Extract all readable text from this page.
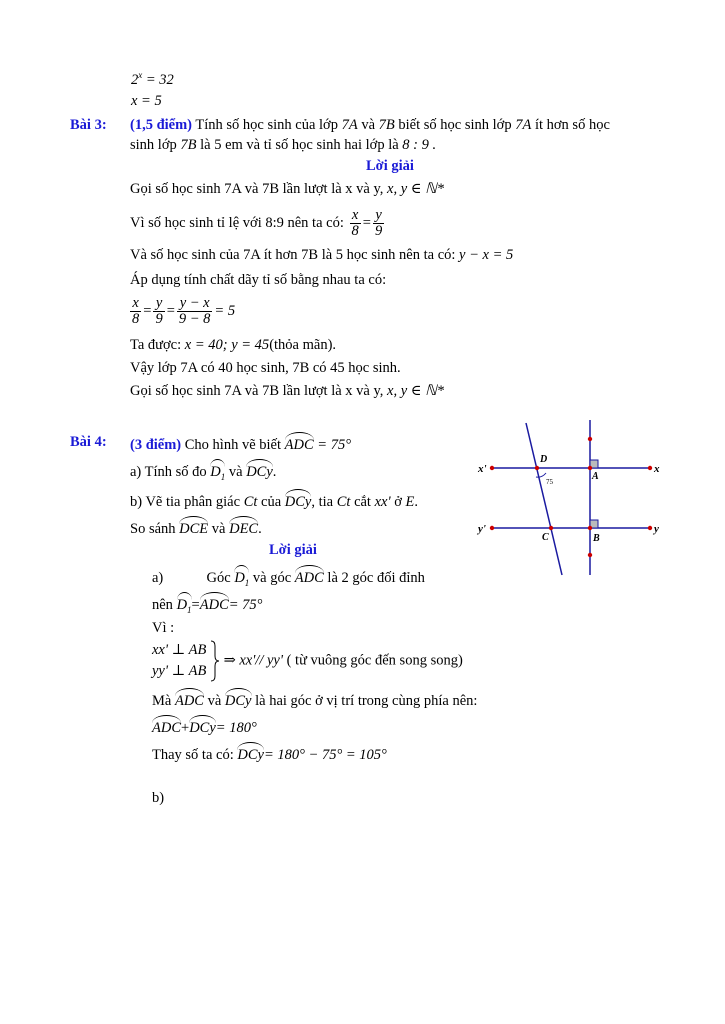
$2^x = 32$
x = 5
Bài 3: (1,5 điểm) Tính số học sinh của lớp 7A và 7B biết số học sinh lớp 7A ít hơn số học
sinh lớp 7B là 5 em và tỉ số học sinh hai lớp là 8 : 9 .
Lời giải
Gọi số học sinh 7A và 7B lần lượt là x và y, x, y ∈ ℕ*
Vì số học sinh tỉ lệ với 8:9 nên ta có: $\frac{x}{8} = \frac{y}{9}$
Và số học sinh của 7A ít hơn 7B là 5 học sinh nên ta có: y − x = 5
Áp dụng tính chất dãy tỉ số bằng nhau ta có:
$\frac{x}{8} = \frac{y}{9} = \frac{y - x}{9 - 8} = 5$
Ta được: x = 40; y = 45(thỏa mãn).
Vậy lớp 7A có 40 học sinh, 7B có 45 học sinh.
Gọi số học sinh 7A và 7B lần lượt là x và y, x, y ∈ ℕ*
Bài 4: (3 điểm) Cho hình vẽ biết ADC = 75°
a) Tính số đo $D_1$ và DCy.
b) Vẽ tia phân giác Ct của DCy, tia Ct cắt xx' ở E.
So sánh DCE và DEC.
Lời giải
a)	Góc $D_1$ và góc ADC là 2 góc đối đỉnh
nên $D_1=ADC= 75^\circ$
Vì :
xx' ⊥ AB
yy' ⊥ AB
⇒ xx'// yy' ( từ vuông góc đến song song)
Mà ADC và DCy là hai góc ở vị trí trong cùng phía nên:
ADC+DCy= 180°
Thay số ta có: DCy= 180° − 75° = 105°
b)
x'	x
y'	y
D
A
C	B
75
